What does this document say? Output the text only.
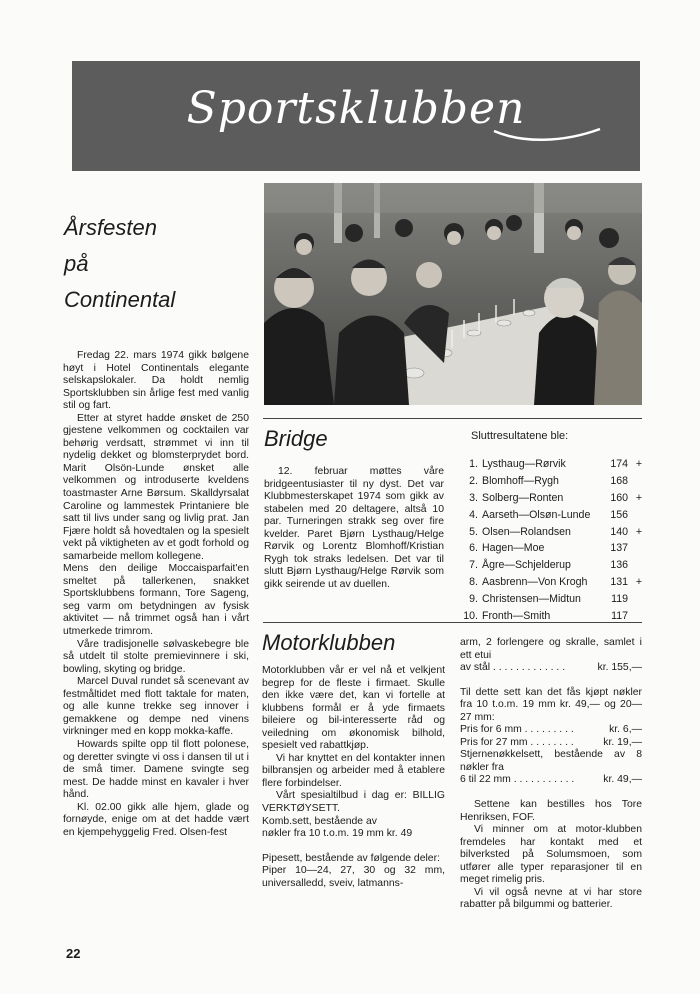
Sportsklubben
Årsfesten
på
Continental

Fredag 22. mars 1974 gikk bølgene høyt i Hotel Continentals elegante selskapslokaler. Da holdt nemlig Sportsklubben sin årlige fest med vanlig stil og fart.

Etter at styret hadde ønsket de 250 gjestene velkommen og cocktailen var behørig verdsatt, strømmet vi inn til nydelig dekket og blomsterprydet bord. Marit Olsön-Lunde ønsket alle velkommen og introduserte kveldens toastmaster Arne Børsum. Skalldyrsalat Caroline og lammestek Printaniere ble satt til livs under sang og livlig prat. Jan Fjære holdt så hovedtalen og la spesielt vekt på viktigheten av et godt forhold og samarbeide mellom kollegene.

Mens den deilige Moccaisparfait'en smeltet på tallerkenen, snakket Sportsklubbens formann, Tore Sageng, seg varm om betydningen av fysisk aktivitet — nå trimmet også han i vårt utmerkede trimrom.

Våre tradisjonelle sølvaskebegre ble så utdelt til stolte premievinnere i ski, bowling, skyting og bridge.

Marcel Duval rundet så scenevant av festmåltidet med flott taktale for maten, og alle kunne trekke seg innover i gemakkene og dempe ned vinens virkninger med en kopp mokka-kaffe.

Howards spilte opp til flott polonese, og deretter svingte vi oss i dansen til ut i de små timer. Damene svingte seg mest. De hadde minst en kavaler i hver hånd.

Kl. 02.00 gikk alle hjem, glade og fornøyde, enige om at det hadde vært en kjempehyggelig Fred. Olsen-fest

Bridge

12. februar møttes våre bridgeentusiaster til ny dyst. Det var Klubbmesterskapet 1974 som gikk av stabelen med 20 deltagere, altså 10 par. Turneringen strakk seg over fire kvelder. Paret Bjørn Lysthaug/Helge Rørvik og Lorentz Blomhoff/Kristian Rygh tok straks ledelsen. Det var til slutt Bjørn Lysthaug/Helge Rørvik som gikk seirende ut av duellen.

Sluttresultatene ble:
1. Lysthaug—Rørvik	174 +
2. Blomhoff—Rygh	168
3. Solberg—Ronten	160 +
4. Aarseth—Olsøn-Lunde	156
5. Olsen—Rolandsen	140 +
6. Hagen—Moe	137
7. Ågre—Schjelderup	136
8. Aasbrenn—Von Krogh	131 +
9. Christensen—Midtun	119
10. Fronth—Smith	117
Motorklubben

Motorklubben vår er vel nå et velkjent begrep for de fleste i firmaet. Skulle den ikke være det, kan vi fortelle at klubbens formål er å yde firmaets bileiere og bil-interesserte råd og veiledning om økonomisk bilhold, spesielt ved rabattkjøp.

Vi har knyttet en del kontakter innen bilbransjen og arbeider med å etablere flere forbindelser.

Vårt spesialtilbud i dag er: BILLIG VERKTØYSETT.

Komb.sett, bestående av

nøkler fra 10 t.o.m. 19 mm kr. 49

Pipesett, bestående av følgende deler:

Piper 10—24, 27, 30 og 32 mm, universalledd, sveiv, latmanns-

arm, 2 forlengere og skralle, samlet i ett etui

av stål . . . . . . . . . . . . .	kr. 155,—

Til dette sett kan det fås kjøpt nøkler fra 10 t.o.m. 19 mm kr. 49,— og 20—27 mm:

Pris for 6 mm . . . . . . . . .	kr. 6,—
Pris for 27 mm . . . . . . . .	kr. 19,—

Stjernenøkkelsett, bestående av 8 nøkler fra

6 til 22 mm . . . . . . . . . . .	kr. 49,—

Settene kan bestilles hos Tore Henriksen, FOF.

Vi minner om at motor-klubben fremdeles har kontakt med et bilverksted på Solumsmoen, som utfører alle typer reparasjoner til en meget rimelig pris.

Vi vil også nevne at vi har store rabatter på bilgummi og batterier.

22
